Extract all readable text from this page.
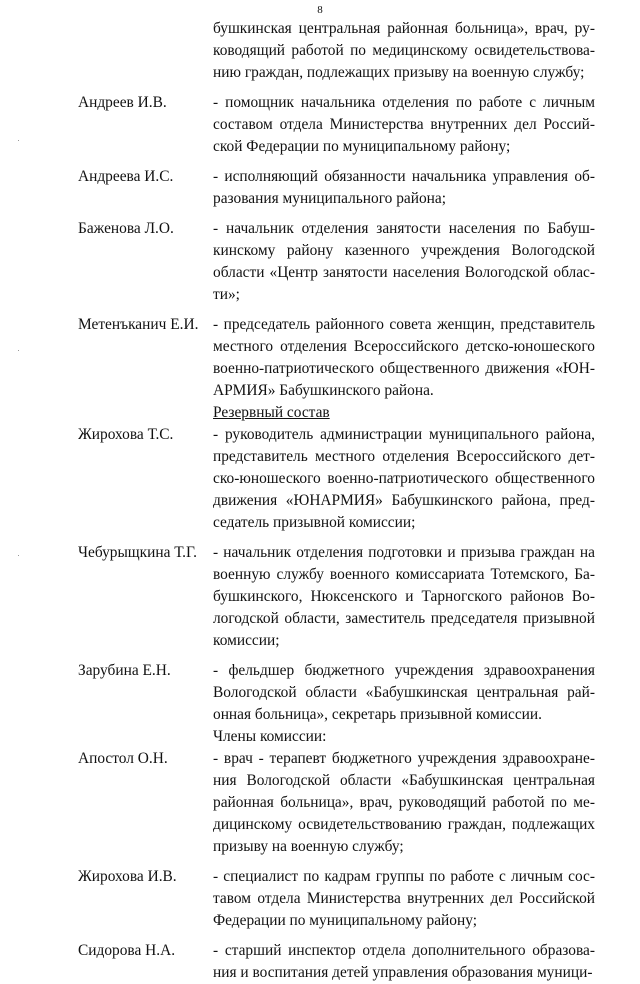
8
бушкинская центральная районная больница», врач, ру-
ководящий работой по медицинскому освидетельствова-
нию граждан, подлежащих призыву на военную службу;
Андреев И.В.	- помощник начальника отделения по работе с личным
составом отдела Министерства внутренних дел Россий-
ской Федерации по муниципальному району;
Андреева И.С.	- исполняющий обязанности начальника управления об-
разования муниципального района;
Баженова Л.О.	- начальник отделения занятости населения по Бабуш-
кинскому району казенного учреждения Вологодской
области «Центр занятости населения Вологодской облас-
ти»;
Метенъканич Е.И. - председатель районного совета женщин, представитель
местного отделения Всероссийского детско-юношеского
военно-патриотического общественного движения «ЮН-
АРМИЯ» Бабушкинского района.
Резервный состав
Жирохова Т.С.	- руководитель администрации муниципального района,
представитель местного отделения Всероссийского дет-
ско-юношеского военно-патриотического общественного
движения «ЮНАРМИЯ» Бабушкинского района, пред-
седатель призывной комиссии;
Чебурыщкина Т.Г.	- начальник отделения подготовки и призыва граждан на
военную службу военного комиссариата Тотемского, Ба-
бушкинского, Нюксенского и Тарногского районов Во-
логодской области, заместитель председателя призывной
комиссии;
Зарубина Е.Н.	- фельдшер бюджетного учреждения здравоохранения
Вологодской области «Бабушкинская центральная рай-
онная больница», секретарь призывной комиссии.
Члены комиссии:
Апостол О.Н.	- врач - терапевт бюджетного учреждения здравоохране-
ния Вологодской области «Бабушкинская центральная
районная больница», врач, руководящий работой по ме-
дицинскому освидетельствованию граждан, подлежащих
призыву на военную службу;
Жирохова И.В.	- специалист по кадрам группы по работе с личным сос-
тавом отдела Министерства внутренних дел Российской
Федерации по муниципальному району;
Сидорова Н.А.	- старший инспектор отдела дополнительного образова-
ния и воспитания детей управления образования муници-
